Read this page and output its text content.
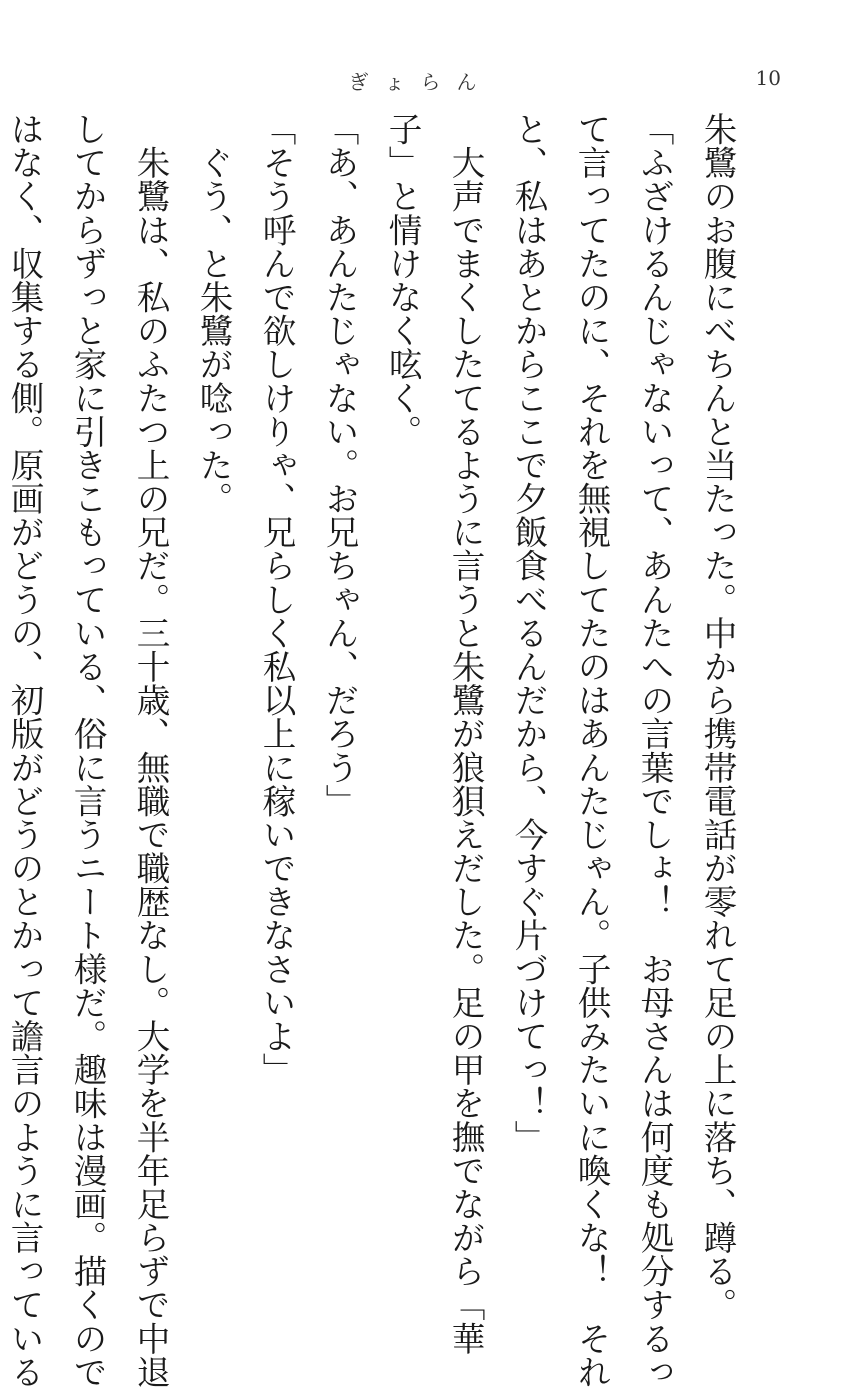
ぎょらん	10
朱鷺のお腹にべちんと当たった。中から携帯電話が零れて足の上に落ち、蹲る。
「ふざけるんじゃないって、あんたへの言葉でしょ！　お母さんは何度も処分するっ
て言ってたのに、それを無視してたのはあんたじゃん。子供みたいに喚くな！　それ
と、私はあとからここで夕飯食べるんだから、今すぐ片づけてっ！」
　大声でまくしたてるように言うと朱鷺が狼狽えだした。足の甲を撫でながら「華
子」と情けなく呟く。
「あ、あんたじゃない。お兄ちゃん、だろう」
「そう呼んで欲しけりゃ、兄らしく私以上に稼いできなさいよ」
　ぐう、と朱鷺が唸った。
　朱鷺は、私のふたつ上の兄だ。三十歳、無職で職歴なし。大学を半年足らずで中退
してからずっと家に引きこもっている、俗に言うニート様だ。趣味は漫画。描くので
はなく、収集する側。原画がどうの、初版がどうのとかって譫言のように言っている
